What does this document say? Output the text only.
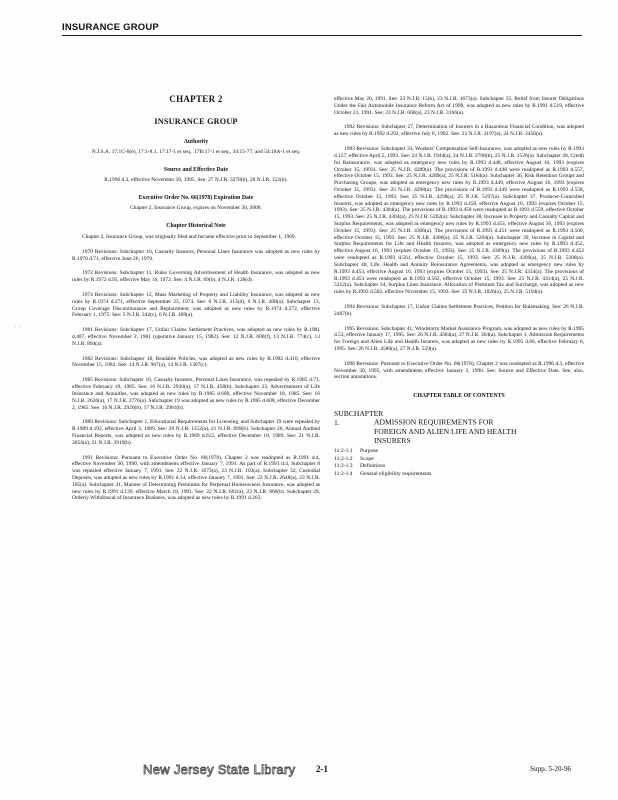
INSURANCE GROUP
· ·
CHAPTER 2
INSURANCE GROUP
Authority
N.J.S.A. 17:1C-6(e), 17:1-8.1, 17:17-1 et seq., 17B:17-1 et seq., 34:15-77, and 54:18A-1 et seq.
Source and Effective Date
R.1996 d.3, effective November 30, 1995. See: 27 N.J.R. 3278(b), 28 N.J.R. 152(b).
Executive Order No. 66(1978) Expiration Date
Chapter 2, Insurance Group, expires on November 30, 2000.
Chapter Historical Note

Chapter 2, Insurance Group, was originally filed and became effective prior to September 1, 1969.

1970 Revisions: Subchapter 10, Casualty Insurers, Personal Lines Insurance was adopted as new rules by R.1970 d.71, effective June 26, 1970.

1972 Revisions: Subchapter 11, Rules Governing Advertisement of Health Insurance, was adopted as new rules by R.1972 d.95, effective May 16, 1972. See: 4 N.J.R. 69(b), 4 N.J.R. 128(d).

1974 Revisions: Subchapter 12, Mass Marketing of Property and Liability Insurance, was adopted as new rules by R.1974 d.271, effective September 25, 1974. See: 6 N.J.R. 313(d), 6 N.J.R. 408(a). Subchapter 13, Group Coverage Discontinuance and Replacement, was adopted as new rules by R.1974 d.272, effective February 1, 1975. See: 5 N.J.R. 342(c), 6 N.J.R. 409(a).

1981 Revisions: Subchapter 17, Unfair Claims Settlement Practices, was adopted as new rules by R.1981 d.407, effective November 2, 1981 (operative January 15, 1982). See: 12 N.J.R. 600(f), 13 N.J.R. 774(c), 13 N.J.R. 894(a).

1982 Revisions: Subchapter 18, Readable Policies, was adopted as new rules by R.1982 d.410, effective November 15, 1982. See: 14 N.J.R. 967(a), 14 N.J.R. 1307(c).

1985 Revisions: Subchapter 10, Casualty Insurers, Personal Lines Insurance, was repealed by R.1985 d.71, effective February 19, 1985. See: 16 N.J.R. 2920(a), 17 N.J.R. 458(b). Subchapter 23, Advertisement of Life Insurance and Annuities, was adopted as new rules by R.1985 d.600, effective November 18, 1985. See: 16 N.J.R. 2626(a), 17 N.J.R. 2776(a). Subchapter 19 was adopted as new rules by R.1985 d.608, effective December 2, 1985. See: 16 N.J.R. 2920(b), 17 N.J.R. 2901(b).

1989 Revisions: Subchapter 1, Educational Requirements for Licensing, and Subchapter 19 were repealed by R.1989 d.192, effective April 3, 1989. See: 20 N.J.R. 1152(a), 21 N.J.R. 899(b). Subchapter 26, Annual Audited Financial Reports, was adopted as new rules by R.1989 d.612, effective December 18, 1989. See: 21 N.J.R. 3054(a), 21 N.J.R. 3919(b).

1991 Revisions: Pursuant to Executive Order No. 66(1978), Chapter 2 was readopted as R.1991 d.4, effective November 30, 1990, with amendments effective January 7, 1991. As part of R.1991 d.4, Subchapter 8 was repealed effective January 7, 1991. See: 22 N.J.R. 1673(a), 23 N.J.R. 103(a). Subchapter 32, Custodial Deposits, was adopted as new rules by R.1991 d.14, effective January 7, 1991. See: 22 N.J.R. 2648(a), 23 N.J.R. 105(a). Subchapter 31, Manner of Determining Premiums for Perpetual Homeowners Insurance, was adopted as new rules by R.1991 d.139, effective March 18, 1991. See: 22 N.J.R. 601(a), 23 N.J.R. 860(b). Subchapter 29, Orderly Withdrawal of Insurance Business, was adopted as new rules by R.1991 d.262,

effective May 20, 1991. See: 23 N.J.R. 15(b), 23 N.J.R. 1673(a). Subchapter 35, Relief from Insurer Obligations Under the Fair Automobile Insurance Reform Act of 1990, was adopted as new rules by R.1991 d.519, effective October 21, 1991. See: 23 N.J.R. 660(a), 23 N.J.R. 3166(a).

1992 Revisions: Subchapter 27, Determination of Insurers in a Hazardous Financial Condition, was adopted as new rules by R.1992 d.292, effective July 6, 1992. See: 23 N.J.R. 3197(a), 24 N.J.R. 2456(a).

1993 Revisions: Subchapter 33, Workers' Compensation Self-Insurance, was adopted as new rules by R.1993 d.157, effective April 5, 1993. See: 24 N.J.R. 1944(a), 24 N.J.R. 2708(b), 25 N.J.R. 1526(a). Subchapter 28, Credit for Reinsurance, was adopted as emergency new rules by R.1993 d.448, effective August 16, 1993 (expires October 15, 1993). See: 25 N.J.R. 4289(a). The provisions of R.1993 d.448 were readopted as R.1993 d.557, effective October 15, 1993. See: 25 N.J.R. 4289(a), 25 N.J.R. 5184(a). Subchapter 36, Risk Retention Groups and Purchasing Groups, was adopted as emergency new rules by R.1993 d.449, effective August 16, 1993 (expires October 15, 1993). See: 25 N.J.R. 4298(a). The provisions of R.1993 d.449 were readopted as R.1993 d.558, effective October 15, 1993. See: 25 N.J.R. 4298(a), 25 N.J.R. 5197(a). Subchapter 37, Producer-Controlled Insurers, was adopted as emergency new rules by R.1993 d.450, effective August 16, 1993 (expires October 15, 1993). See: 25 N.J.R. 4304(a). The provisions of R.1993 d.450 were readopted as R.1993 d.559, effective October 15, 1993. See: 25 N.J.R. 4304(a), 25 N.J.R. 5202(a). Subchapter 38, Increase in Property and Casualty Capital and Surplus Requirements, was adopted as emergency new rules by R.1993 d.451, effective August 16, 1993 (expires October 15, 1993). See: 25 N.J.R. 4306(a). The provisions of R.1993 d.451 were readopted as R.1993 d.560, effective October 15, 1993. See: 25 N.J.R. 4306(a), 25 N.J.R. 5204(a). Subchapter 39, Increase in Capital and Surplus Requirements for Life and Health Insurers, was adopted as emergency new rules by R.1993 d.452, effective August 16, 1993 (expires October 15, 1993). See: 25 N.J.R. 4309(a). The provisions of R.1993 d.452 were readopted as R.1993 d.561, effective October 15, 1993. See: 25 N.J.R. 4309(a), 25 N.J.R. 5208(a). Subchapter 40, Life, Health and Annuity Reinsurance Agreements, was adopted as emergency new rules by R.1993 d.453, effective August 16, 1993 (expires October 15, 1993). See: 25 N.J.R. 4314(a). The provisions of R.1993 d.453 were readopted as R.1993 d.562, effective October 15, 1993. See: 25 N.J.R. 4314(a), 25 N.J.R. 5212(a). Subchapter 34, Surplus Lines Insurance: Allocation of Premium Tax and Surcharge, was adopted as new rules by R.1993 d.582, effective November 15, 1993. See: 25 N.J.R. 1826(a), 25 N.J.R. 5194(a).

1994 Revisions: Subchapter 17, Unfair Claims Settlement Practices, Petition for Rulemaking. See: 26 N.J.R. 2487(b).

1995 Revisions: Subchapter 41, Windstorm Market Assistance Program, was adopted as new rules by R.1995 d.53, effective January 17, 1995. See: 26 N.J.R. 4304(a), 27 N.J.R. 364(a). Subchapter 1, Admission Requirements for Foreign and Alien Life and Health Insurers, was adopted as new rules by R.1995 d.80, effective February 6, 1995. See: 26 N.J.R. 4586(a), 27 N.J.R. 559(a).

1996 Revisions: Pursuant to Executive Order No. 66(1978), Chapter 2 was readopted as R.1996 d.3, effective November 30, 1995, with amendments effective January 2, 1996. See: Source and Effective Date. See, also, section annotations.

CHAPTER TABLE OF CONTENTS
SUBCHAPTER 1.	ADMISSION REQUIREMENTS FOR
FOREIGN AND ALIEN LIFE AND HEALTH
INSURERS
11:2-1.1	Purpose
11:2-1.2	Scope
11:2-1.3	Definitions
11:2-1.4	General eligibility requirements
New Jersey State Library 2-1	Supp. 5-20-96
